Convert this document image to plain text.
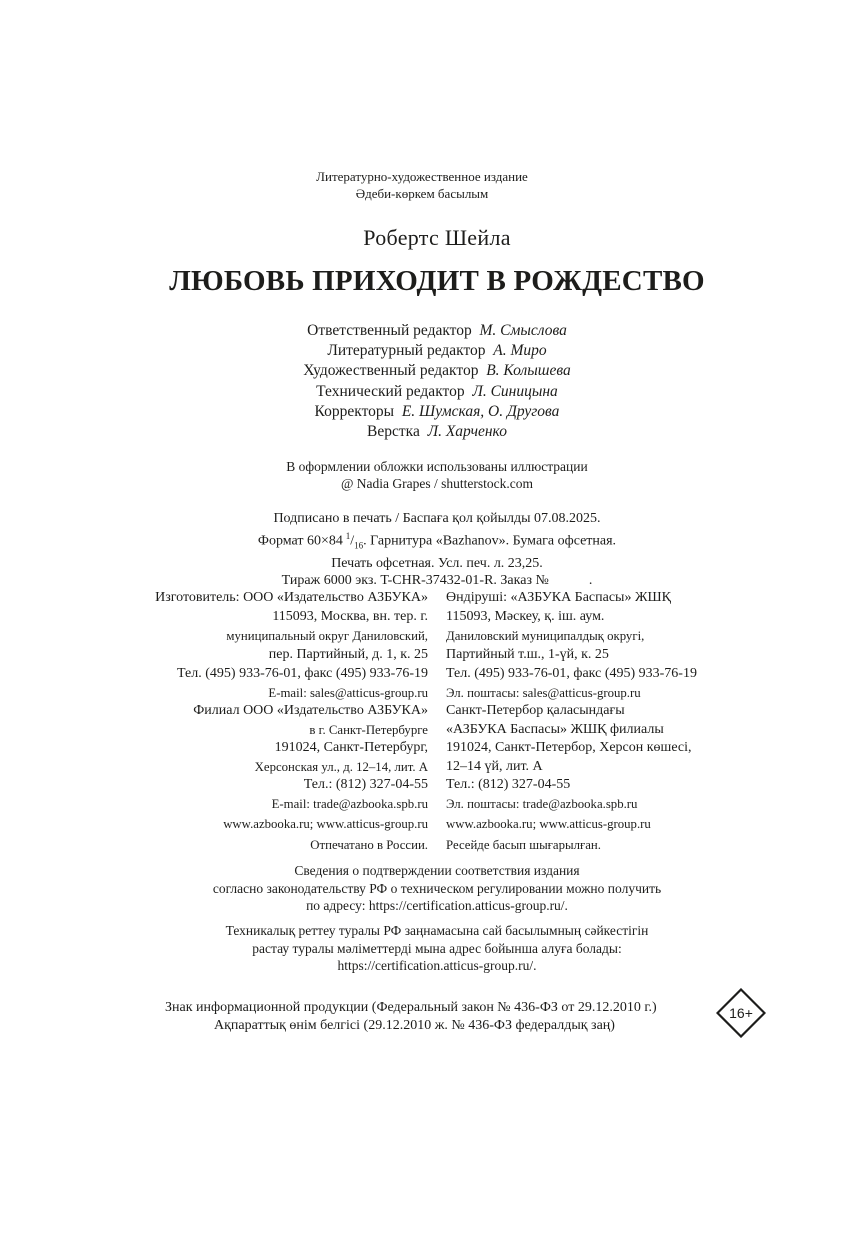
Литературно-художественное издание
Әдеби-көркем басылым
Робертс Шейла
ЛЮБОВЬ ПРИХОДИТ В РОЖДЕСТВО
Ответственный редактор М. Смыслова
Литературный редактор А. Миро
Художественный редактор В. Колышева
Технический редактор Л. Синицына
Корректоры Е. Шумская, О. Другова
Верстка Л. Харченко
В оформлении обложки использованы иллюстрации
@ Nadia Grapes / shutterstock.com
Подписано в печать / Баспаға қол қойылды 07.08.2025.
Формат 60×84  $^1/_{16}$. Гарнитура «Bazhanov». Бумага офсетная.
Печать офсетная. Усл. печ. л. 23,25.
Тираж 6000 экз. T-CHR-37432-01-R. Заказ №	.
Изготовитель: ООО «Издательство АЗБУКА»
115093, Москва, вн. тер. г.
муниципальный округ Даниловский,
пер. Партийный, д. 1, к. 25
Тел. (495) 933-76-01, факс (495) 933-76-19
E-mail: sales@atticus-group.ru
Филиал ООО «Издательство АЗБУКА»
в г. Санкт-Петербурге
191024, Санкт-Петербург,
Херсонская ул., д. 12–14, лит. А
Тел.: (812) 327-04-55
E-mail: trade@azbooka.spb.ru
www.azbooka.ru; www.atticus-group.ru
Отпечатано в России.
Өндіруші: «АЗБУКА Баспасы» ЖШҚ
115093, Мәскеу, қ. іш. аум.
Даниловский муниципалдық округі,
Партийный т.ш., 1-үй, к. 25
Тел. (495) 933-76-01, факс (495) 933-76-19
Эл. поштасы: sales@atticus-group.ru
Санкт-Петербор қаласындағы
«АЗБУКА Баспасы» ЖШҚ филиалы
191024, Санкт-Петербор, Херсон көшесі,
12–14 үй, лит. А
Тел.: (812) 327-04-55
Эл. поштасы: trade@azbooka.spb.ru
www.azbooka.ru; www.atticus-group.ru
Ресейде басып шығарылған.
Сведения о подтверждении соответствия издания
согласно законодательству РФ о техническом регулировании можно получить
по адресу: https://certification.atticus-group.ru/.
Техникалық реттеу туралы РФ заңнамасына сай басылымның сәйкестігін
растау туралы мәліметтерді мына адрес бойынша алуға болады:
https://certification.atticus-group.ru/.
Знак информационной продукции (Федеральный закон № 436-ФЗ от 29.12.2010 г.)
Ақпараттық өнім белгісі (29.12.2010 ж. № 436-ФЗ федералдық заң)
16+
